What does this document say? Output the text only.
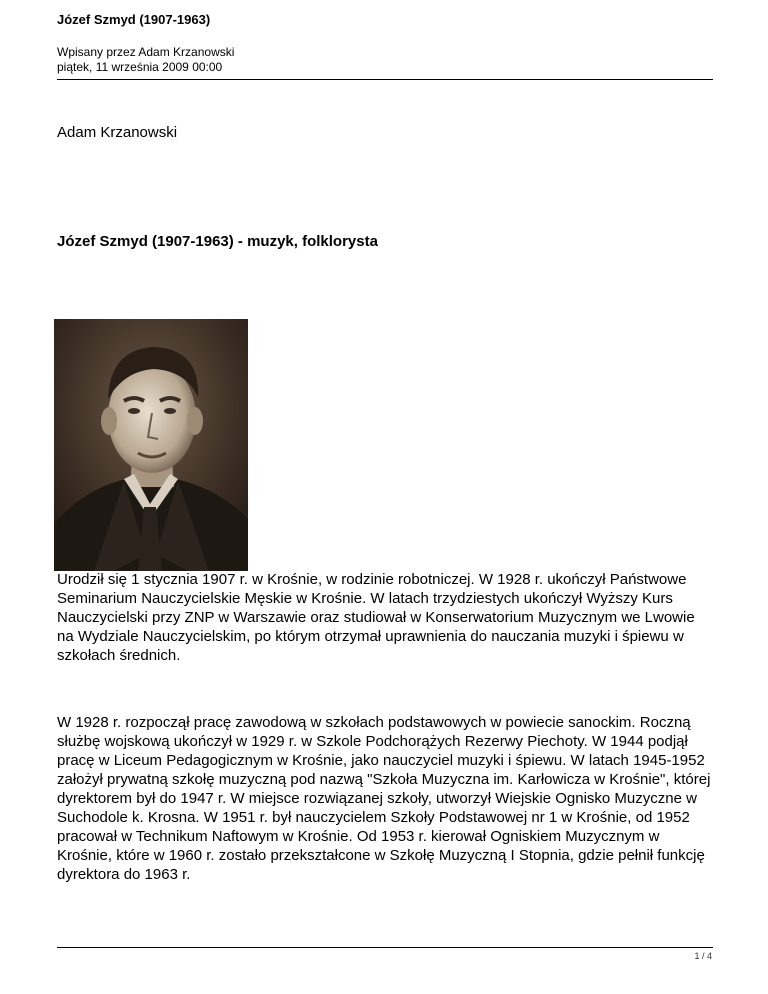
Józef Szmyd (1907-1963)
Wpisany przez Adam Krzanowski
piątek, 11 września 2009 00:00
Adam Krzanowski
Józef Szmyd (1907-1963) - muzyk, folklorysta

Urodził się 1 stycznia 1907 r. w Krośnie, w rodzinie robotniczej. W 1928 r. ukończył Państwowe Seminarium Nauczycielskie Męskie w Krośnie. W latach trzydziestych ukończył Wyższy Kurs Nauczycielski przy ZNP w Warszawie oraz studiował w Konserwatorium Muzycznym we Lwowie na Wydziale Nauczycielskim, po którym otrzymał uprawnienia do nauczania muzyki i śpiewu w szkołach średnich.

W 1928 r. rozpoczął pracę zawodową w szkołach podstawowych w powiecie sanockim. Roczną służbę wojskową ukończył w 1929 r. w Szkole Podchorążych Rezerwy Piechoty. W 1944 podjął pracę w Liceum Pedagogicznym w Krośnie, jako nauczyciel muzyki i śpiewu. W latach 1945-1952 założył prywatną szkołę muzyczną pod nazwą "Szkoła Muzyczna im. Karłowicza w Krośnie", której dyrektorem był do 1947 r. W miejsce rozwiązanej szkoły, utworzył Wiejskie Ognisko Muzyczne w Suchodole k. Krosna. W 1951 r. był nauczycielem Szkoły Podstawowej nr 1 w Krośnie, od 1952 pracował w Technikum Naftowym w Krośnie. Od 1953 r. kierował Ogniskiem Muzycznym w Krośnie, które w 1960 r. zostało przekształcone w Szkołę Muzyczną I Stopnia, gdzie pełnił funkcję dyrektora do 1963 r.

1 / 4
